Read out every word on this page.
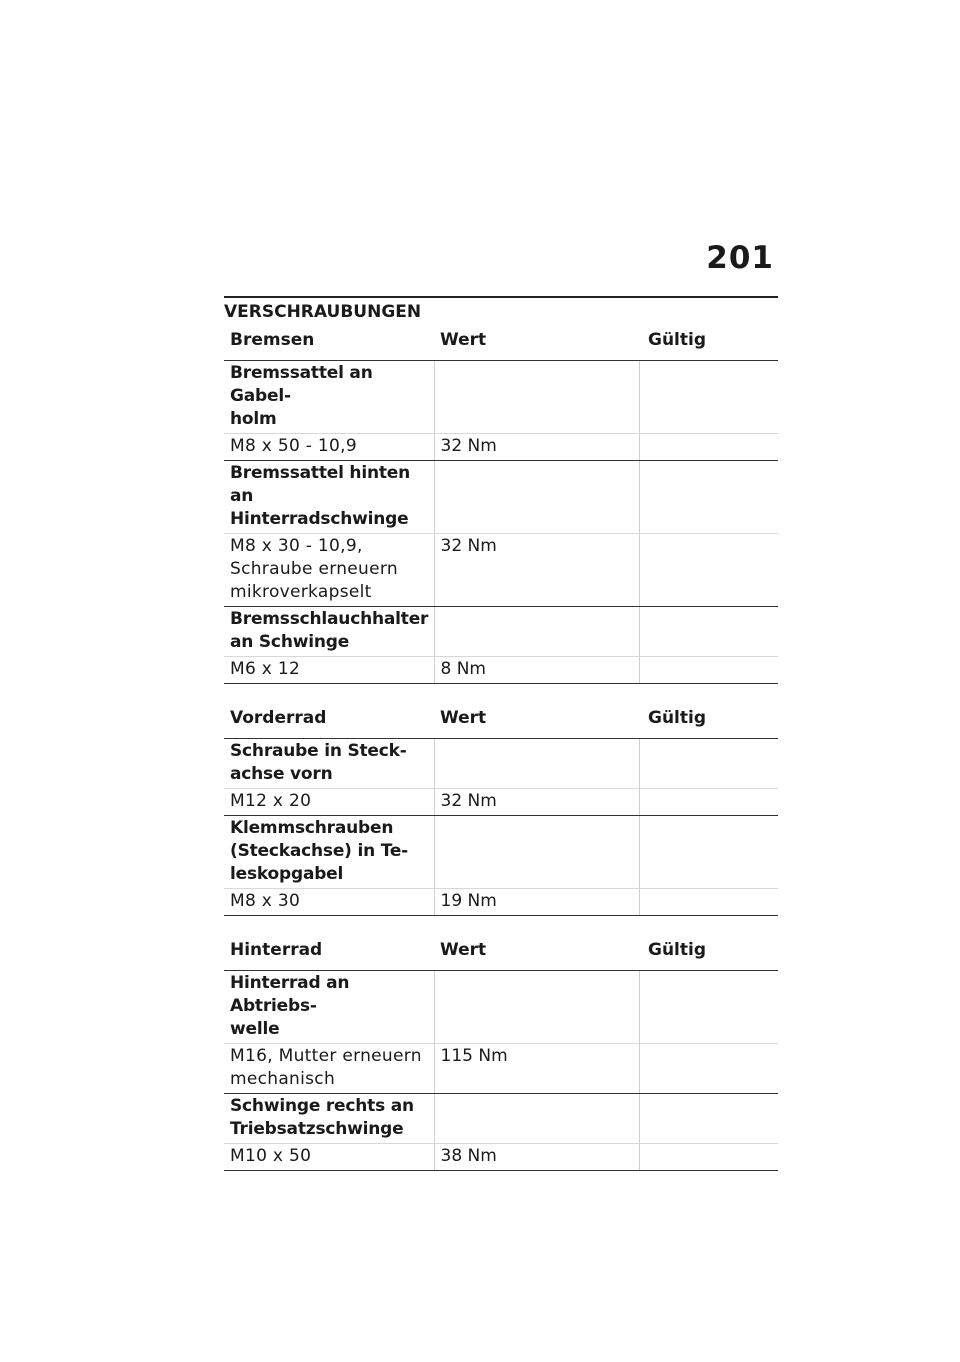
201
VERSCHRAUBUNGEN
Bremsen	Wert	Gültig
Bremssattel an Gabel-
holm		
M8 x 50 - 10,9	32 Nm	
Bremssattel hinten an
Hinterradschwinge		
M8 x 30 - 10,9,
Schraube erneuern
mikroverkapselt	32 Nm	
Bremsschlauchhalter
an Schwinge		
M6 x 12	8 Nm	
Vorderrad	Wert	Gültig
Schraube in Steck-
achse vorn		
M12 x 20	32 Nm	
Klemmschrauben
(Steckachse) in Te-
leskopgabel		
M8 x 30	19 Nm	
Hinterrad	Wert	Gültig
Hinterrad an Abtriebs-
welle		
M16, Mutter erneuern
mechanisch	115 Nm	
Schwinge rechts an
Triebsatzschwinge		
M10 x 50	38 Nm	
